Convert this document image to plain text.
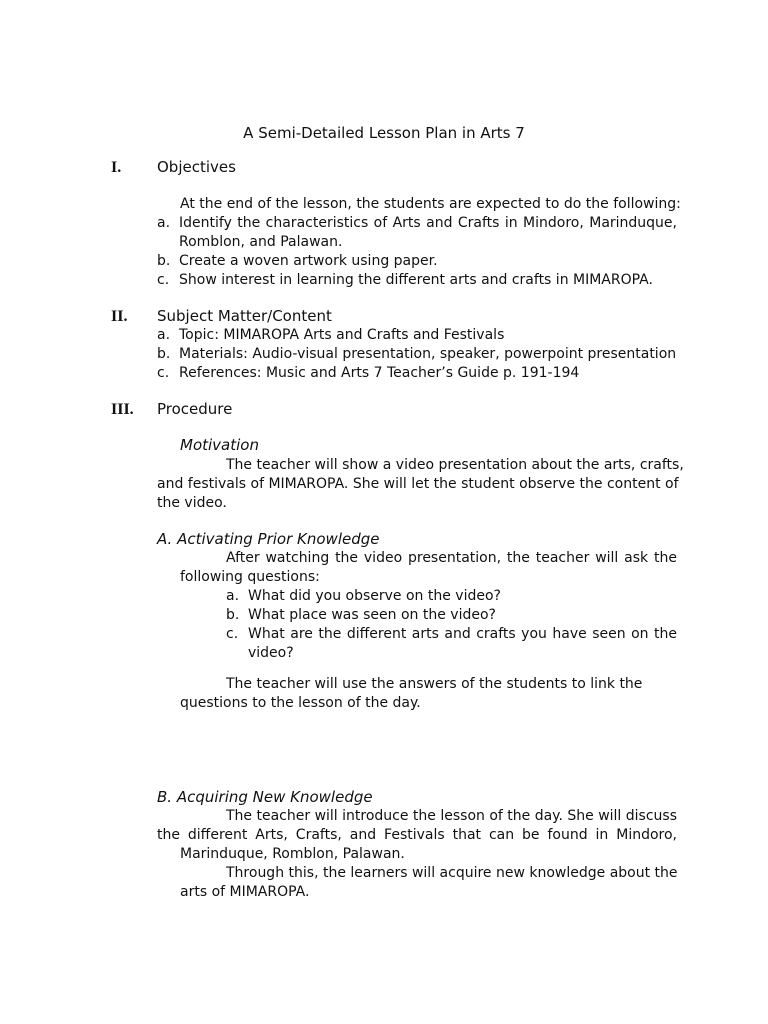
A Semi-Detailed Lesson Plan in Arts 7
I. Objectives
At the end of the lesson, the students are expected to do the following:
a. Identify the characteristics of Arts and Crafts in Mindoro, Marinduque,
Romblon, and Palawan.
b. Create a woven artwork using paper.
c. Show interest in learning the different arts and crafts in MIMAROPA.
II. Subject Matter/Content
a. Topic: MIMAROPA Arts and Crafts and Festivals
b. Materials: Audio-visual presentation, speaker, powerpoint presentation
c. References: Music and Arts 7 Teacher’s Guide p. 191-194
III. Procedure
Motivation
The teacher will show a video presentation about the arts, crafts,
and festivals of MIMAROPA. She will let the student observe the content of
the video.
A. Activating Prior Knowledge
After watching the video presentation, the teacher will ask the
following questions:
a. What did you observe on the video?
b. What place was seen on the video?
c. What are the different arts and crafts you have seen on the
video?
The teacher will use the answers of the students to link the
questions to the lesson of the day.
B. Acquiring New Knowledge
The teacher will introduce the lesson of the day. She will discuss
the different Arts, Crafts, and Festivals that can be found in Mindoro,
Marinduque, Romblon, Palawan.
Through this, the learners will acquire new knowledge about the
arts of MIMAROPA.
